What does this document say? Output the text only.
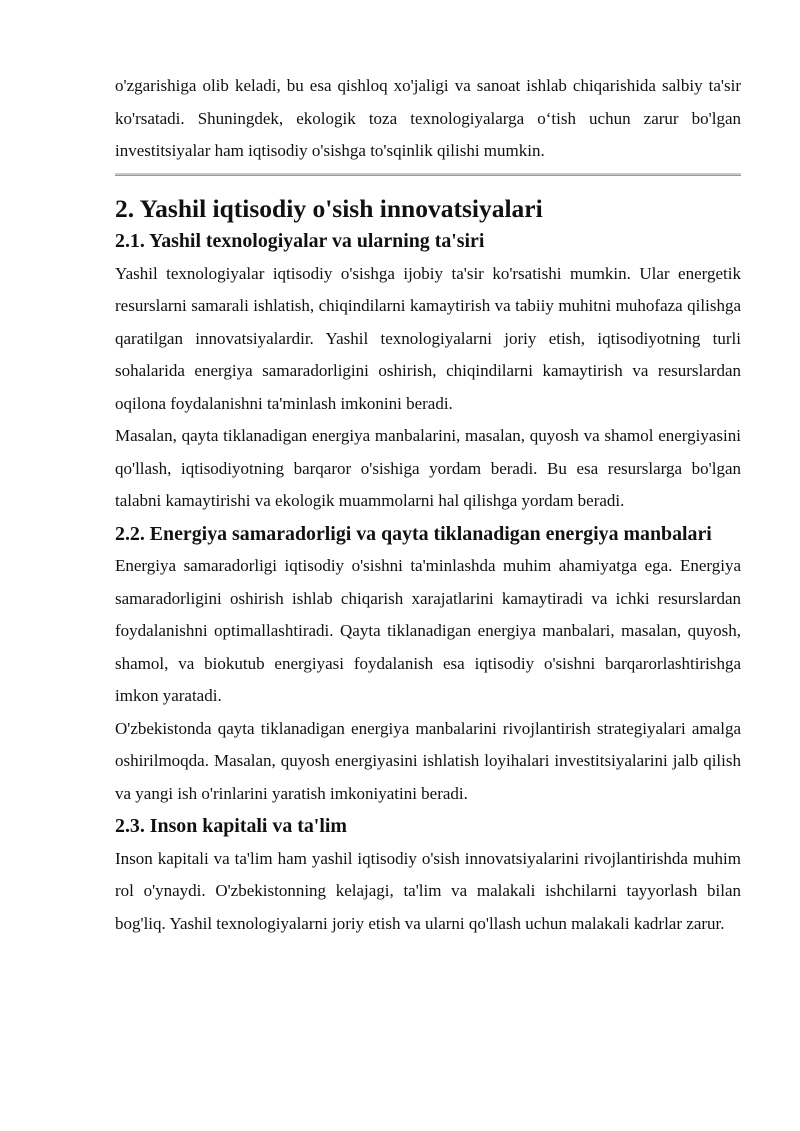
o'zgarishiga olib keladi, bu esa qishloq xo'jaligi va sanoat ishlab chiqarishida salbiy ta'sir ko'rsatadi. Shuningdek, ekologik toza texnologiyalarga o‘tish uchun zarur bo'lgan investitsiyalar ham iqtisodiy o'sishga to'sqinlik qilishi mumkin.

2. Yashil iqtisodiy o'sish innovatsiyalari
2.1. Yashil texnologiyalar va ularning ta'siri

Yashil texnologiyalar iqtisodiy o'sishga ijobiy ta'sir ko'rsatishi mumkin. Ular energetik resurslarni samarali ishlatish, chiqindilarni kamaytirish va tabiiy muhitni muhofaza qilishga qaratilgan innovatsiyalardir. Yashil texnologiyalarni joriy etish, iqtisodiyotning turli sohalarida energiya samaradorligini oshirish, chiqindilarni kamaytirish va resurslardan oqilona foydalanishni ta'minlash imkonini beradi.

Masalan, qayta tiklanadigan energiya manbalarini, masalan, quyosh va shamol energiyasini qo'llash, iqtisodiyotning barqaror o'sishiga yordam beradi. Bu esa resurslarga bo'lgan talabni kamaytirishi va ekologik muammolarni hal qilishga yordam beradi.

2.2. Energiya samaradorligi va qayta tiklanadigan energiya manbalari

Energiya samaradorligi iqtisodiy o'sishni ta'minlashda muhim ahamiyatga ega. Energiya samaradorligini oshirish ishlab chiqarish xarajatlarini kamaytiradi va ichki resurslardan foydalanishni optimallashtiradi. Qayta tiklanadigan energiya manbalari, masalan, quyosh, shamol, va biokutub energiyasi foydalanish esa iqtisodiy o'sishni barqarorlashtirishga imkon yaratadi.

O'zbekistonda qayta tiklanadigan energiya manbalarini rivojlantirish strategiyalari amalga oshirilmoqda. Masalan, quyosh energiyasini ishlatish loyihalari investitsiyalarini jalb qilish va yangi ish o'rinlarini yaratish imkoniyatini beradi.

2.3. Inson kapitali va ta'lim

Inson kapitali va ta'lim ham yashil iqtisodiy o'sish innovatsiyalarini rivojlantirishda muhim rol o'ynaydi. O'zbekistonning kelajagi, ta'lim va malakali ishchilarni tayyorlash bilan bog'liq. Yashil texnologiyalarni joriy etish va ularni qo'llash uchun malakali kadrlar zarur.
